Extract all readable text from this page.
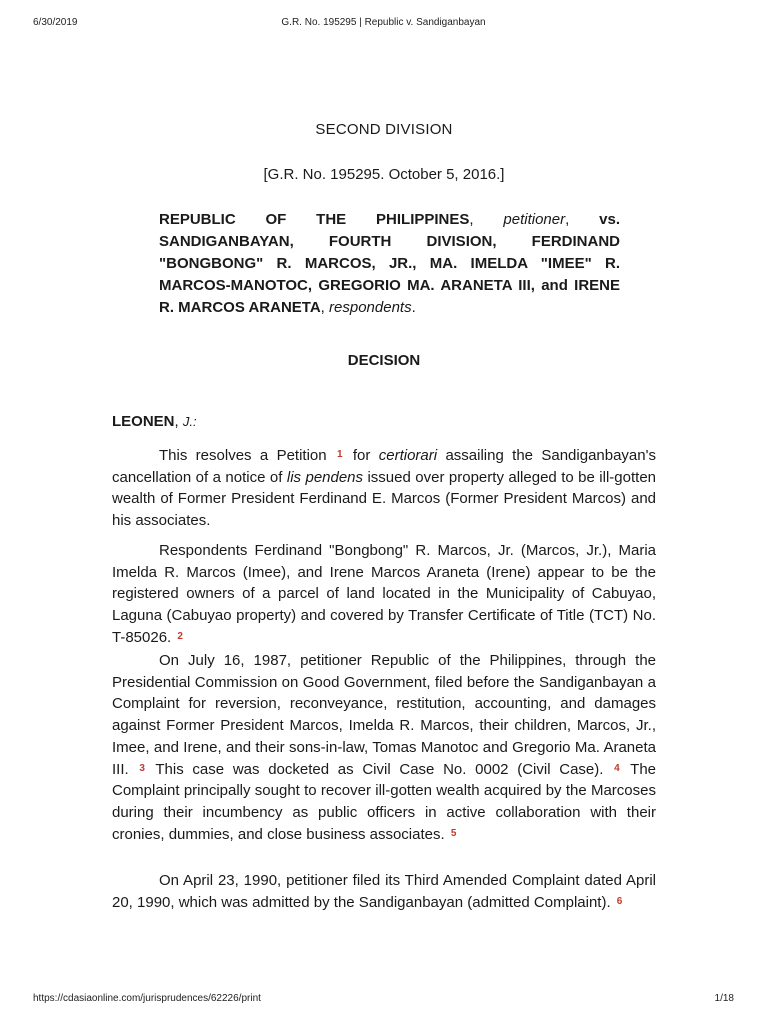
6/30/2019	G.R. No. 195295 | Republic v. Sandiganbayan
SECOND DIVISION
[G.R. No. 195295. October 5, 2016.]
REPUBLIC OF THE PHILIPPINES, petitioner, vs. SANDIGANBAYAN, FOURTH DIVISION, FERDINAND "BONGBONG" R. MARCOS, JR., MA. IMELDA "IMEE" R. MARCOS-MANOTOC, GREGORIO MA. ARANETA III, and IRENE R. MARCOS ARANETA, respondents.
DECISION
LEONEN, J.:

This resolves a Petition $^1$ for certiorari assailing the Sandiganbayan's cancellation of a notice of lis pendens issued over property alleged to be ill-gotten wealth of Former President Ferdinand E. Marcos (Former President Marcos) and his associates.

Respondents Ferdinand "Bongbong" R. Marcos, Jr. (Marcos, Jr.), Maria Imelda R. Marcos (Imee), and Irene Marcos Araneta (Irene) appear to be the registered owners of a parcel of land located in the Municipality of Cabuyao, Laguna (Cabuyao property) and covered by Transfer Certificate of Title (TCT) No. T-85026. $^2$

On July 16, 1987, petitioner Republic of the Philippines, through the Presidential Commission on Good Government, filed before the Sandiganbayan a Complaint for reversion, reconveyance, restitution, accounting, and damages against Former President Marcos, Imelda R. Marcos, their children, Marcos, Jr., Imee, and Irene, and their sons-in-law, Tomas Manotoc and Gregorio Ma. Araneta III. $^3$ This case was docketed as Civil Case No. 0002 (Civil Case). $^4$ The Complaint principally sought to recover ill-gotten wealth acquired by the Marcoses during their incumbency as public officers in active collaboration with their cronies, dummies, and close business associates. $^5$

On April 23, 1990, petitioner filed its Third Amended Complaint dated April 20, 1990, which was admitted by the Sandiganbayan (admitted Complaint). $^6$

https://cdasiaonline.com/jurisprudences/62226/print	1/18
